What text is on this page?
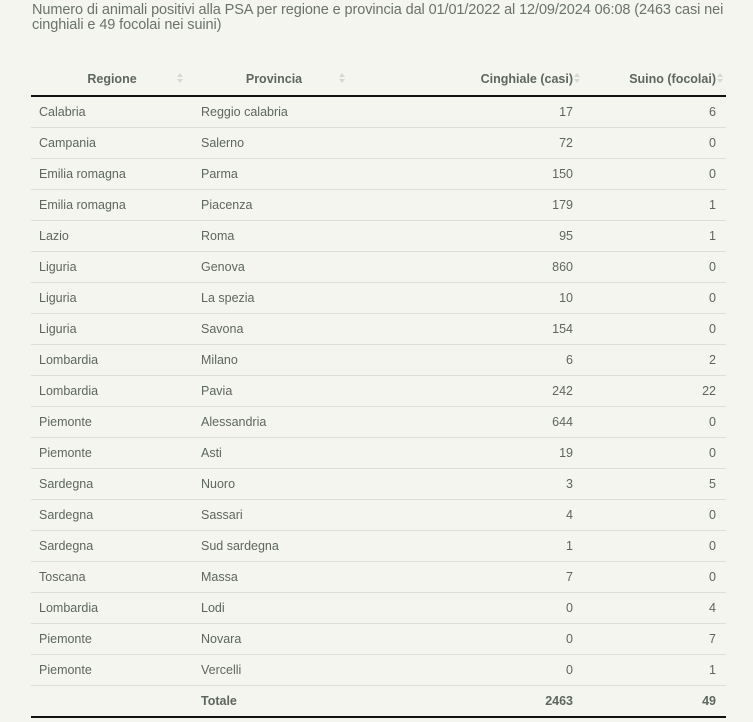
Numero di animali positivi alla PSA per regione e provincia dal 01/01/2022 al 12/09/2024 06:08 (2463 casi nei cinghiali e 49 focolai nei suini)
Regione	Provincia	Cinghiale (casi)	Suino (focolai)

Calabria	Reggio calabria	17	6
Campania	Salerno	72	0
Emilia romagna	Parma	150	0
Emilia romagna	Piacenza	179	1
Lazio	Roma	95	1
Liguria	Genova	860	0
Liguria	La spezia	10	0
Liguria	Savona	154	0
Lombardia	Milano	6	2
Lombardia	Pavia	242	22
Piemonte	Alessandria	644	0
Piemonte	Asti	19	0
Sardegna	Nuoro	3	5
Sardegna	Sassari	4	0
Sardegna	Sud sardegna	1	0
Toscana	Massa	7	0
Lombardia	Lodi	0	4
Piemonte	Novara	0	7
Piemonte	Vercelli	0	1
	Totale	2463	49
